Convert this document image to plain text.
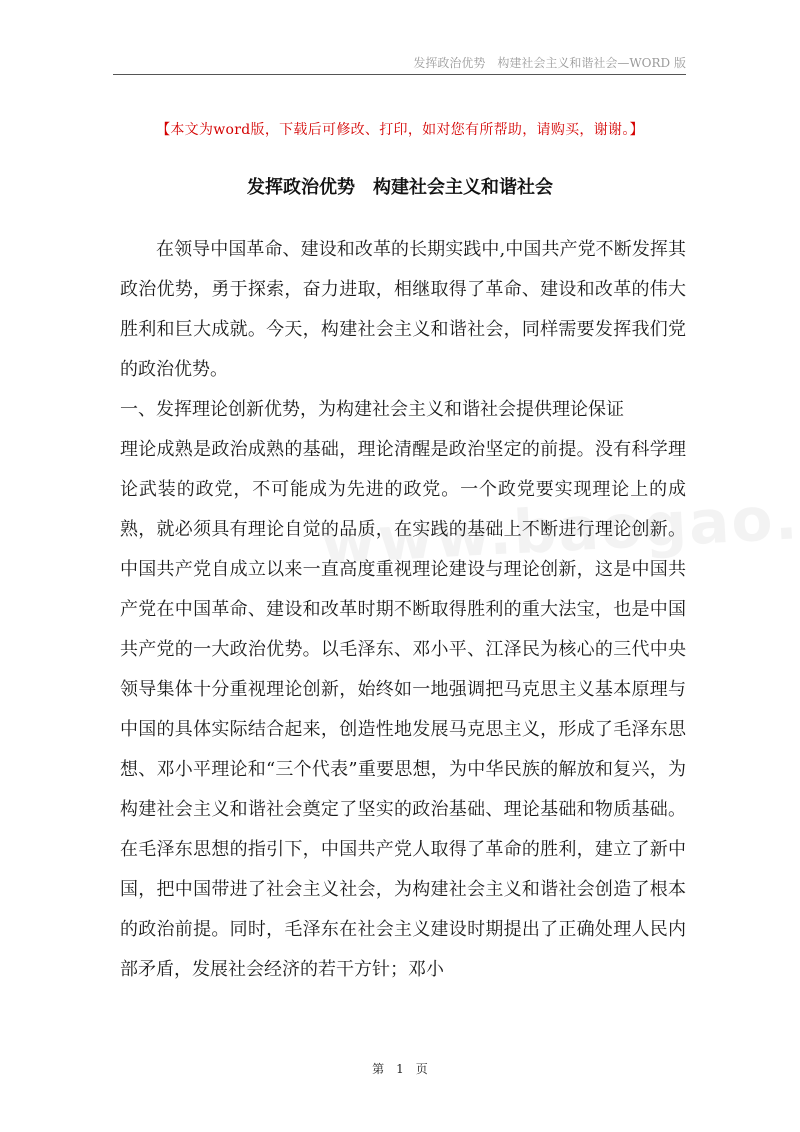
发挥政治优势　构建社会主义和谐社会—WORD 版
【本文为word版，下载后可修改、打印，如对您有所帮助，请购买，谢谢。】
发挥政治优势　构建社会主义和谐社会

在领导中国革命、建设和改革的长期实践中,中国共产党不断发挥其政治优势，勇于探索，奋力进取，相继取得了革命、建设和改革的伟大胜利和巨大成就。今天，构建社会主义和谐社会，同样需要发挥我们党的政治优势。

一、发挥理论创新优势，为构建社会主义和谐社会提供理论保证

理论成熟是政治成熟的基础，理论清醒是政治坚定的前提。没有科学理论武装的政党，不可能成为先进的政党。一个政党要实现理论上的成熟，就必须具有理论自觉的品质，在实践的基础上不断进行理论创新。中国共产党自成立以来一直高度重视理论建设与理论创新，这是中国共产党在中国革命、建设和改革时期不断取得胜利的重大法宝，也是中国共产党的一大政治优势。以毛泽东、邓小平、江泽民为核心的三代中央领导集体十分重视理论创新，始终如一地强调把马克思主义基本原理与中国的具体实际结合起来，创造性地发展马克思主义，形成了毛泽东思想、邓小平理论和“三个代表”重要思想，为中华民族的解放和复兴，为构建社会主义和谐社会奠定了坚实的政治基础、理论基础和物质基础。在毛泽东思想的指引下，中国共产党人取得了革命的胜利，建立了新中国，把中国带进了社会主义社会，为构建社会主义和谐社会创造了根本的政治前提。同时，毛泽东在社会主义建设时期提出了正确处理人民内部矛盾，发展社会经济的若干方针；邓小

第　1　页
